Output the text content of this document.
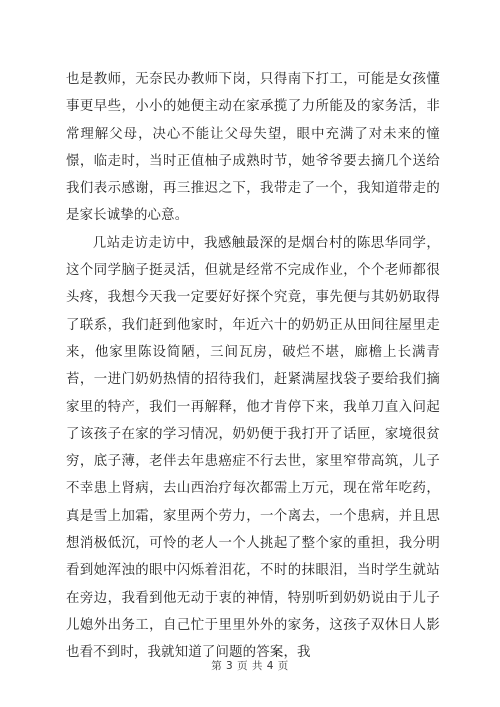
也是教师，无奈民办教师下岗，只得南下打工，可能是女孩懂事更早些，小小的她便主动在家承揽了力所能及的家务活，非常理解父母，决心不能让父母失望，眼中充满了对未来的憧憬，临走时，当时正值柚子成熟时节，她爷爷要去摘几个送给我们表示感谢，再三推迟之下，我带走了一个，我知道带走的是家长诚挚的心意。

几站走访走访中，我感触最深的是烟台村的陈思华同学，这个同学脑子挺灵活，但就是经常不完成作业，个个老师都很头疼，我想今天我一定要好好探个究竟，事先便与其奶奶取得了联系，我们赶到他家时，年近六十的奶奶正从田间往屋里走来，他家里陈设简陋，三间瓦房，破烂不堪，廊檐上长满青苔，一进门奶奶热情的招待我们，赶紧满屋找袋子要给我们摘家里的特产，我们一再解释，他才肯停下来，我单刀直入问起了该孩子在家的学习情况，奶奶便于我打开了话匣，家境很贫穷，底子薄，老伴去年患癌症不行去世，家里窄带高筑，儿子不幸患上肾病，去山西治疗每次都需上万元，现在常年吃药，真是雪上加霜，家里两个劳力，一个离去，一个患病，并且思想消极低沉，可怜的老人一个人挑起了整个家的重担，我分明看到她浑浊的眼中闪烁着泪花，不时的抹眼泪，当时学生就站在旁边，我看到他无动于衷的神情，特别听到奶奶说由于儿子儿媳外出务工，自己忙于里里外外的家务，这孩子双休日人影也看不到时，我就知道了问题的答案，我

第 3 页 共 4 页
